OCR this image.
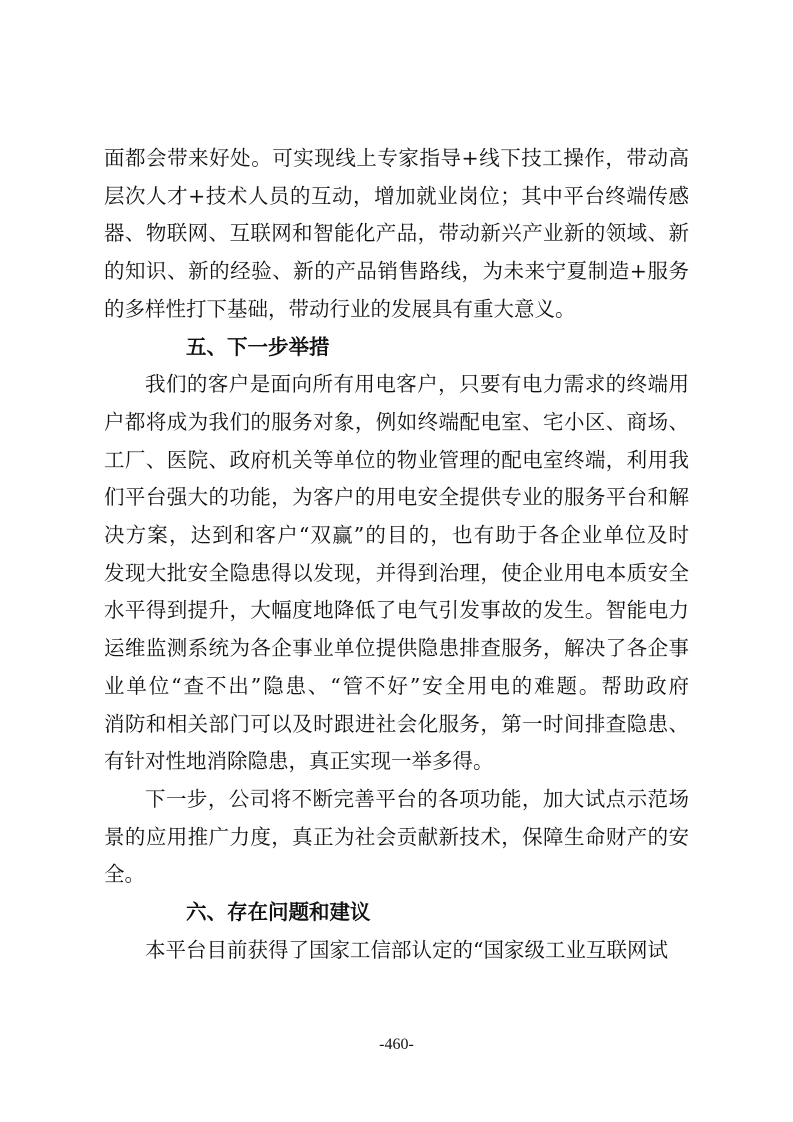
面都会带来好处。可实现线上专家指导+线下技工操作，带动高
层次人才+技术人员的互动，增加就业岗位；其中平台终端传感
器、物联网、互联网和智能化产品，带动新兴产业新的领域、新
的知识、新的经验、新的产品销售路线，为未来宁夏制造+服务
的多样性打下基础，带动行业的发展具有重大意义。
五、下一步举措
我们的客户是面向所有用电客户，只要有电力需求的终端用
户都将成为我们的服务对象，例如终端配电室、宅小区、商场、
工厂、医院、政府机关等单位的物业管理的配电室终端，利用我
们平台强大的功能，为客户的用电安全提供专业的服务平台和解
决方案，达到和客户“双赢”的目的，也有助于各企业单位及时
发现大批安全隐患得以发现，并得到治理，使企业用电本质安全
水平得到提升，大幅度地降低了电气引发事故的发生。智能电力
运维监测系统为各企事业单位提供隐患排查服务，解决了各企事
业单位“查不出”隐患、“管不好”安全用电的难题。帮助政府
消防和相关部门可以及时跟进社会化服务，第一时间排查隐患、
有针对性地消除隐患，真正实现一举多得。
下一步，公司将不断完善平台的各项功能，加大试点示范场
景的应用推广力度，真正为社会贡献新技术，保障生命财产的安
全。
六、存在问题和建议
本平台目前获得了国家工信部认定的“国家级工业互联网试
-460-
